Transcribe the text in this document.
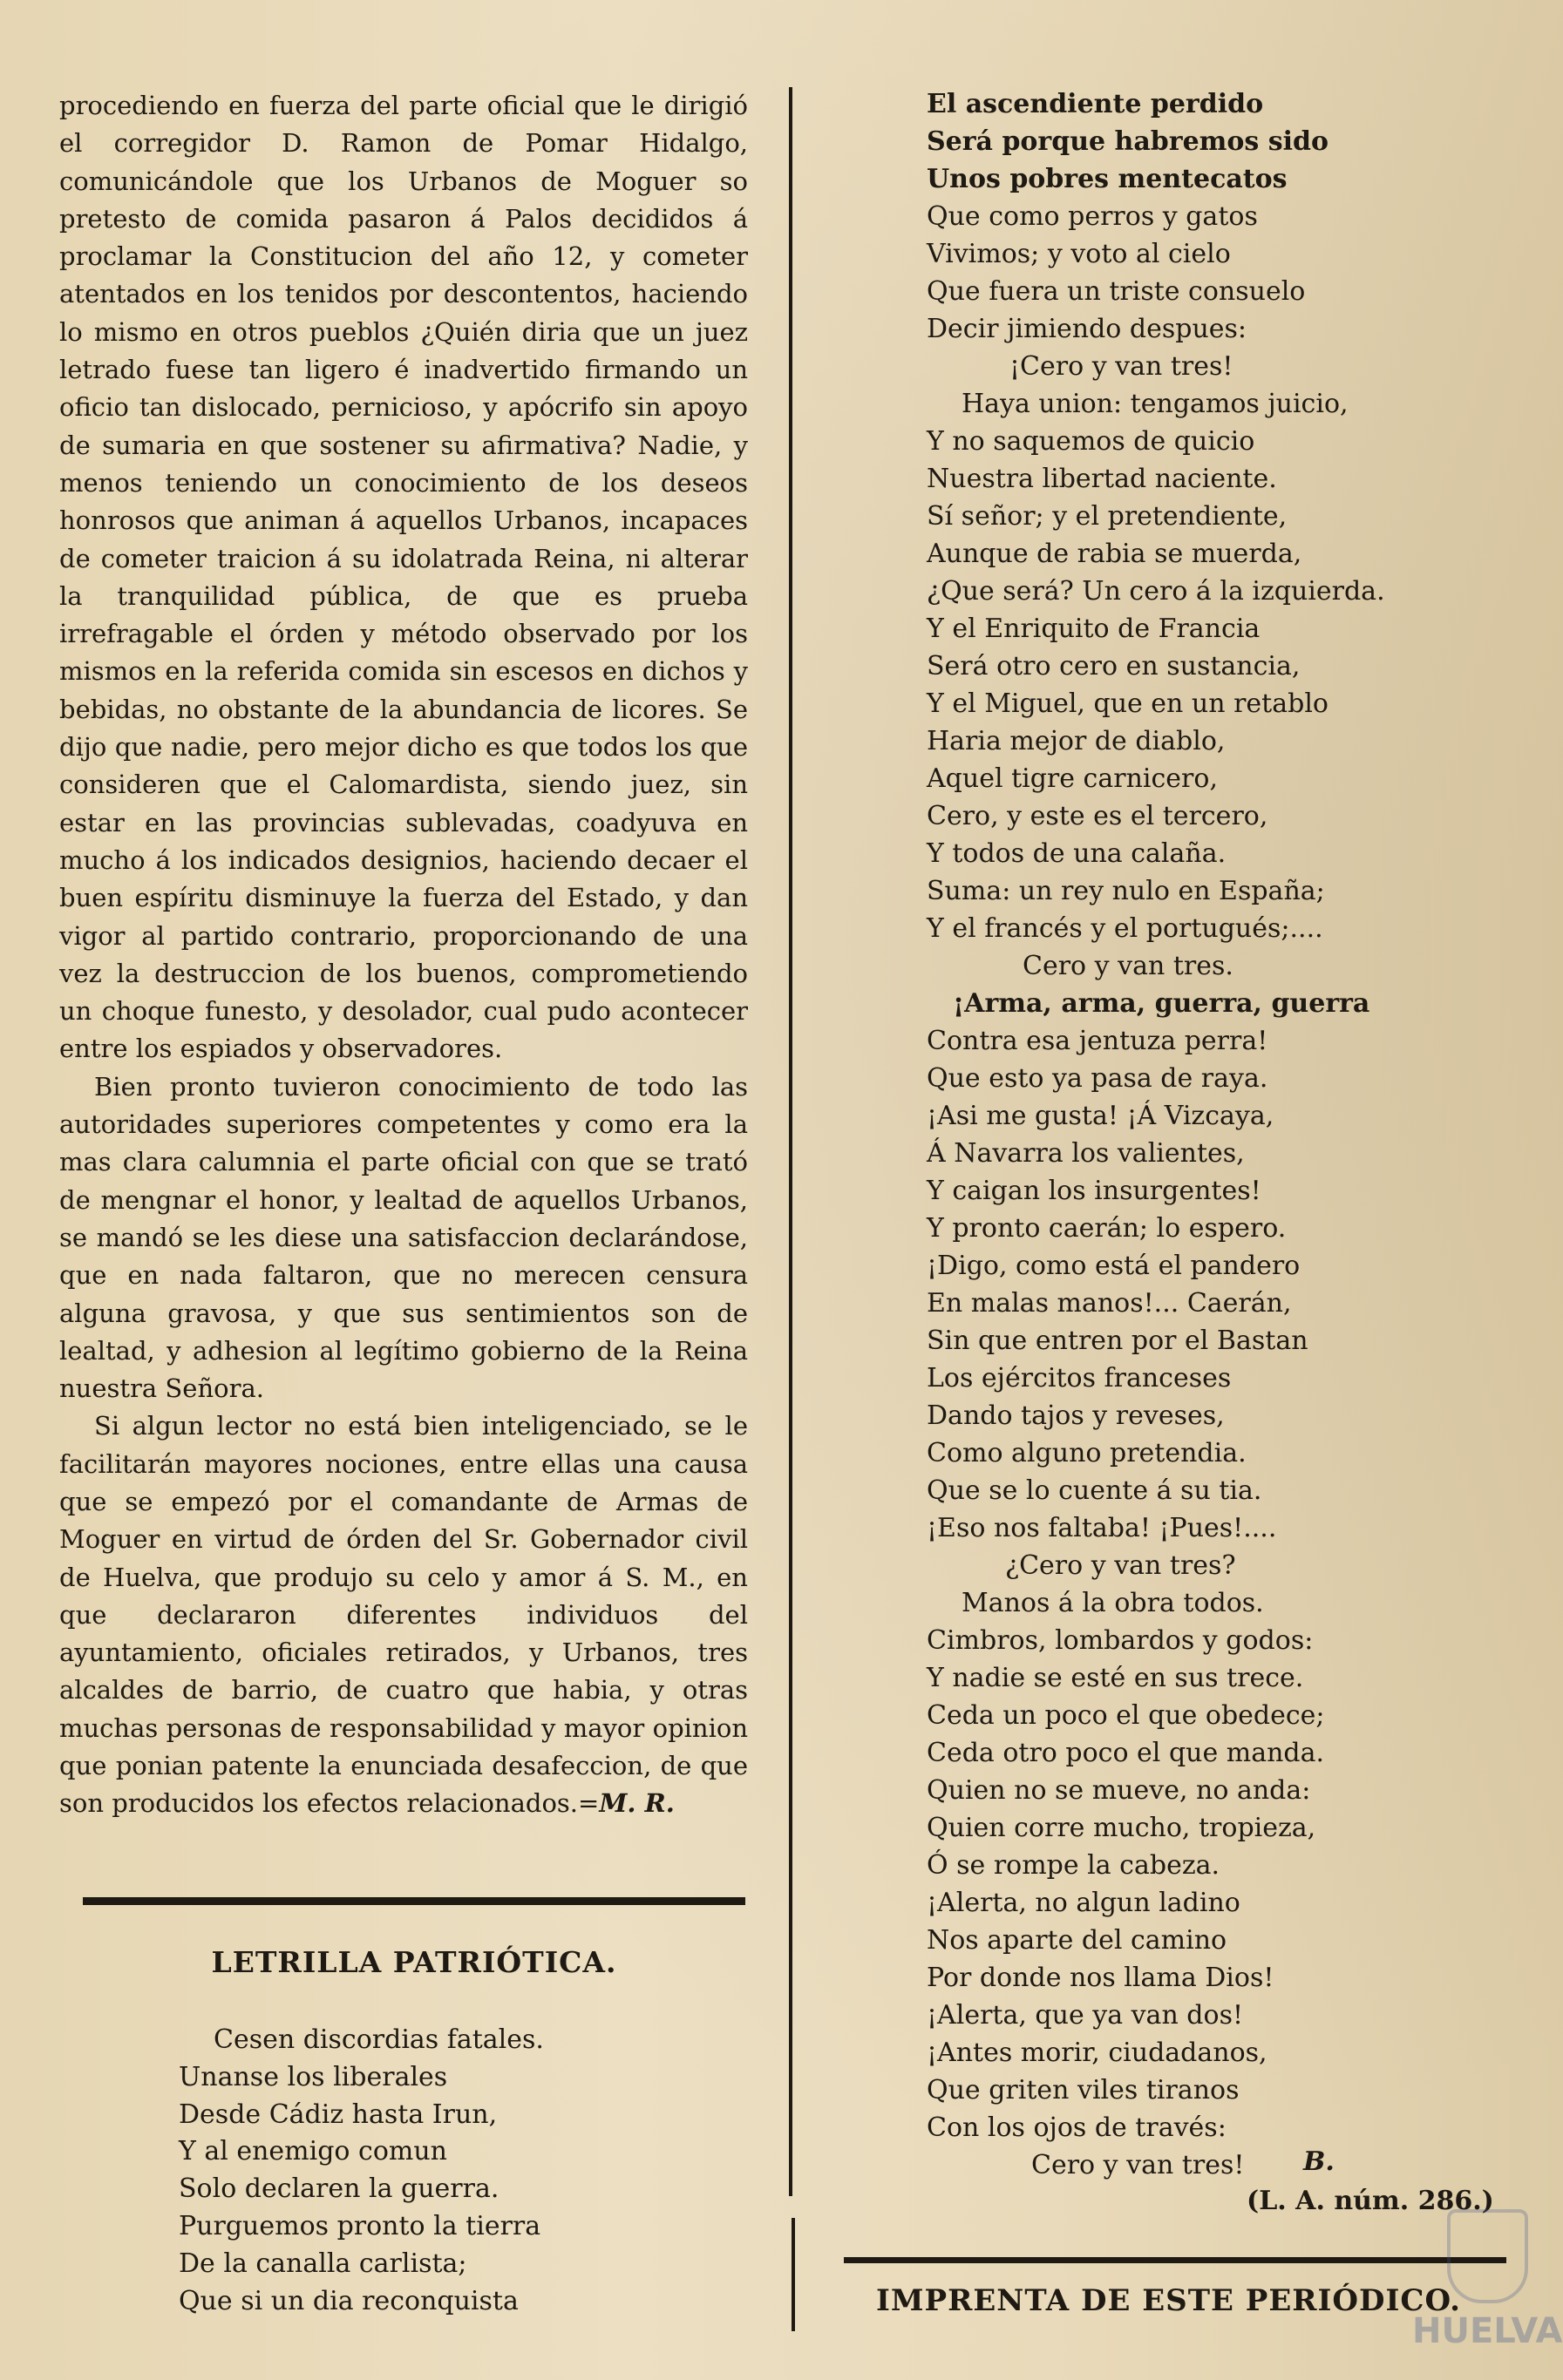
procediendo en fuerza del parte oficial que le dirigió el corregidor D. Ramon de Pomar Hidalgo, comunicándole que los Urbanos de Moguer so pretesto de comida pasaron á Palos decididos á proclamar la Constitucion del año 12, y cometer atentados en los tenidos por descontentos, haciendo lo mismo en otros pueblos ¿Quién diria que un juez letrado fuese tan ligero é inadvertido firmando un oficio tan dislocado, pernicioso, y apócrifo sin apoyo de sumaria en que sostener su afirmativa? Nadie, y menos teniendo un conocimiento de los deseos honrosos que animan á aquellos Urbanos, incapaces de cometer traicion á su idolatrada Reina, ni alterar la tranquilidad pública, de que es prueba irrefragable el órden y método observado por los mismos en la referida comida sin escesos en dichos y bebidas, no obstante de la abundancia de licores. Se dijo que nadie, pero mejor dicho es que todos los que consideren que el Calomardista, siendo juez, sin estar en las provincias sublevadas, coadyuva en mucho á los indicados designios, haciendo decaer el buen espíritu disminuye la fuerza del Estado, y dan vigor al partido contrario, proporcionando de una vez la destruccion de los buenos, comprometiendo un choque funesto, y desolador, cual pudo acontecer entre los espiados y observadores.

Bien pronto tuvieron conocimiento de todo las autoridades superiores competentes y como era la mas clara calumnia el parte oficial con que se trató de mengnar el honor, y lealtad de aquellos Urbanos, se mandó se les diese una satisfaccion declarándose, que en nada faltaron, que no merecen censura alguna gravosa, y que sus sentimientos son de lealtad, y adhesion al legítimo gobierno de la Reina nuestra Señora.

Si algun lector no está bien inteligenciado, se le facilitarán mayores nociones, entre ellas una causa que se empezó por el comandante de Armas de Moguer en virtud de órden del Sr. Gobernador civil de Huelva, que produjo su celo y amor á S. M., en que declararon diferentes individuos del ayuntamiento, oficiales retirados, y Urbanos, tres alcaldes de barrio, de cuatro que habia, y otras muchas personas de responsabilidad y mayor opinion que ponian patente la enunciada desafeccion, de que son producidos los efectos relacionados.=M. R.

LETRILLA PATRIÓTICA.
Cesen discordias fatales.
Unanse los liberales
Desde Cádiz hasta Irun,
Y al enemigo comun
Solo declaren la guerra.
Purguemos pronto la tierra
De la canalla carlista;
Que si un dia reconquista
El ascendiente perdido
Será porque habremos sido
Unos pobres mentecatos
Que como perros y gatos
Vivimos; y voto al cielo
Que fuera un triste consuelo
Decir jimiendo despues:
¡Cero y van tres!
Haya union: tengamos juicio,
Y no saquemos de quicio
Nuestra libertad naciente.
Sí señor; y el pretendiente,
Aunque de rabia se muerda,
¿Que será? Un cero á la izquierda.
Y el Enriquito de Francia
Será otro cero en sustancia,
Y el Miguel, que en un retablo
Haria mejor de diablo,
Aquel tigre carnicero,
Cero, y este es el tercero,
Y todos de una calaña.
Suma: un rey nulo en España;
Y el francés y el portugués;....
Cero y van tres.
¡Arma, arma, guerra, guerra
Contra esa jentuza perra!
Que esto ya pasa de raya.
¡Asi me gusta! ¡Á Vizcaya,
Á Navarra los valientes,
Y caigan los insurgentes!
Y pronto caerán; lo espero.
¡Digo, como está el pandero
En malas manos!... Caerán,
Sin que entren por el Bastan
Los ejércitos franceses
Dando tajos y reveses,
Como alguno pretendia.
Que se lo cuente á su tia.
¡Eso nos faltaba! ¡Pues!....
¿Cero y van tres?
Manos á la obra todos.
Cimbros, lombardos y godos:
Y nadie se esté en sus trece.
Ceda un poco el que obedece;
Ceda otro poco el que manda.
Quien no se mueve, no anda:
Quien corre mucho, tropieza,
Ó se rompe la cabeza.
¡Alerta, no algun ladino
Nos aparte del camino
Por donde nos llama Dios!
¡Alerta, que ya van dos!
¡Antes morir, ciudadanos,
Que griten viles tiranos
Con los ojos de través:
Cero y van tres!	B.
(L. A. núm. 286.)
IMPRENTA DE ESTE PERIÓDICO.
HUELVA
